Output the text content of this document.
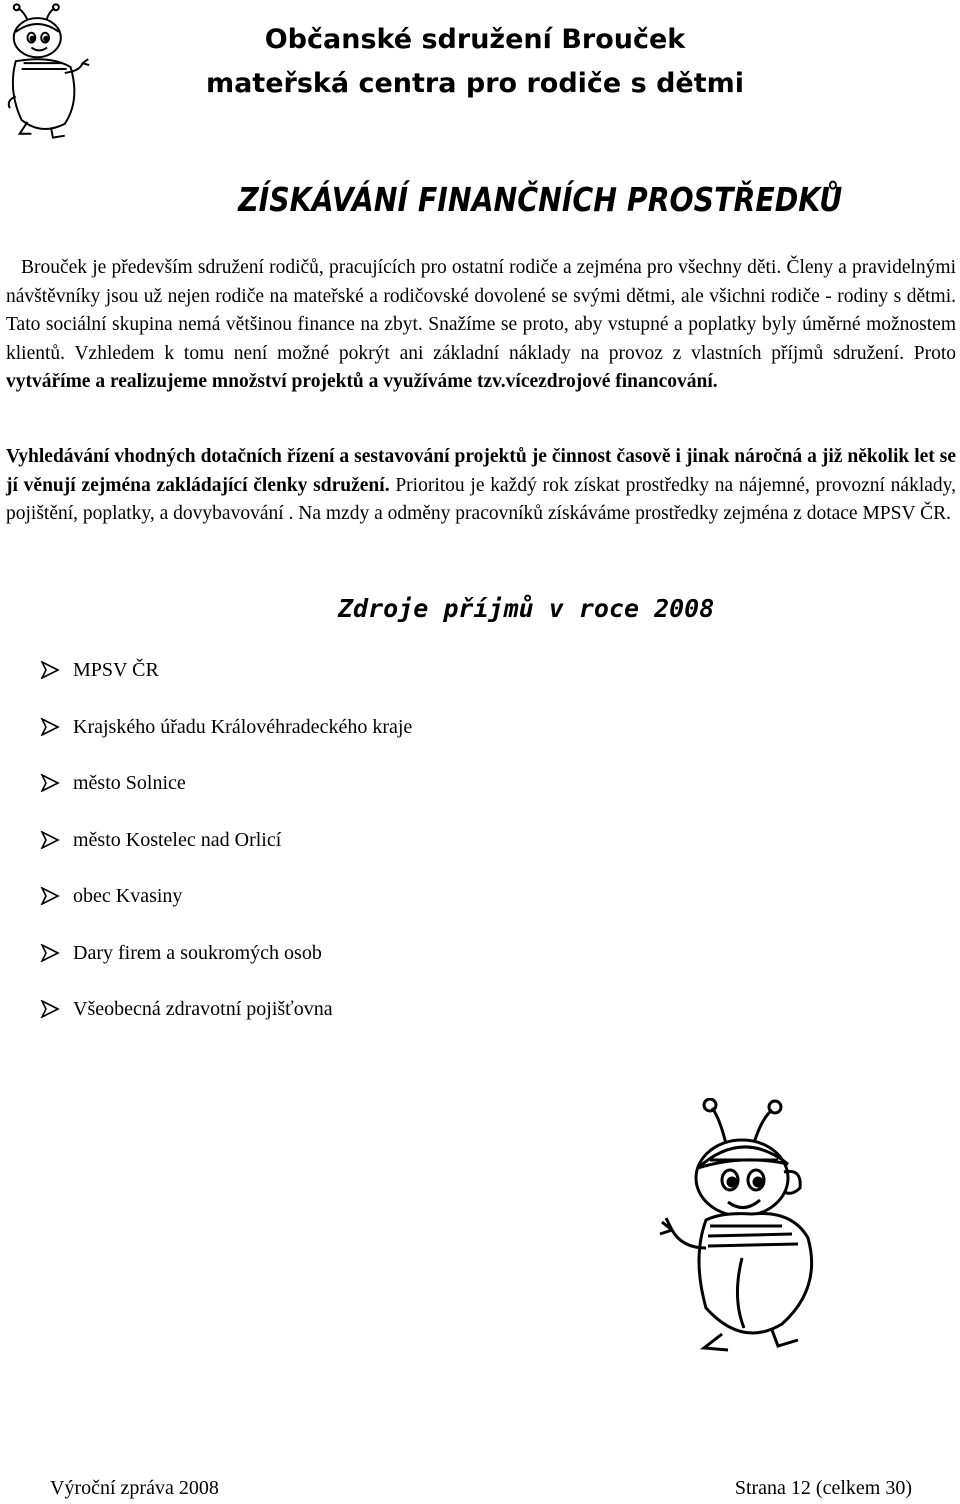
Občanské sdružení Brouček
mateřská centra pro rodiče s dětmi
ZÍSKÁVÁNÍ FINANČNÍCH PROSTŘEDKŮ
Brouček je především sdružení rodičů, pracujících pro ostatní rodiče a zejména pro všechny děti. Členy a pravidelnými návštěvníky jsou už nejen rodiče na mateřské a rodičovské dovolené se svými dětmi, ale všichni rodiče - rodiny s dětmi. Tato sociální skupina nemá většinou finance na zbyt. Snažíme se proto, aby vstupné a poplatky byly úměrné možnostem klientů. Vzhledem k tomu není možné pokrýt ani základní náklady na provoz z vlastních příjmů sdružení. Proto vytváříme a realizujeme množství projektů a využíváme tzv.vícezdrojové financování.
Vyhledávání vhodných dotačních řízení a sestavování projektů je činnost časově i jinak náročná a již několik let se jí věnují zejména zakládající členky sdružení. Prioritou je každý rok získat prostředky na nájemné, provozní náklady, pojištění, poplatky, a dovybavování . Na mzdy a odměny pracovníků získáváme prostředky zejména z dotace MPSV ČR.
Zdroje příjmů v roce 2008
MPSV ČR
Krajského úřadu Královéhradeckého kraje
město Solnice
město Kostelec nad Orlicí
obec Kvasiny
Dary firem a soukromých osob
Všeobecná zdravotní pojišťovna
Výroční zpráva 2008	Strana 12 (celkem 30)
